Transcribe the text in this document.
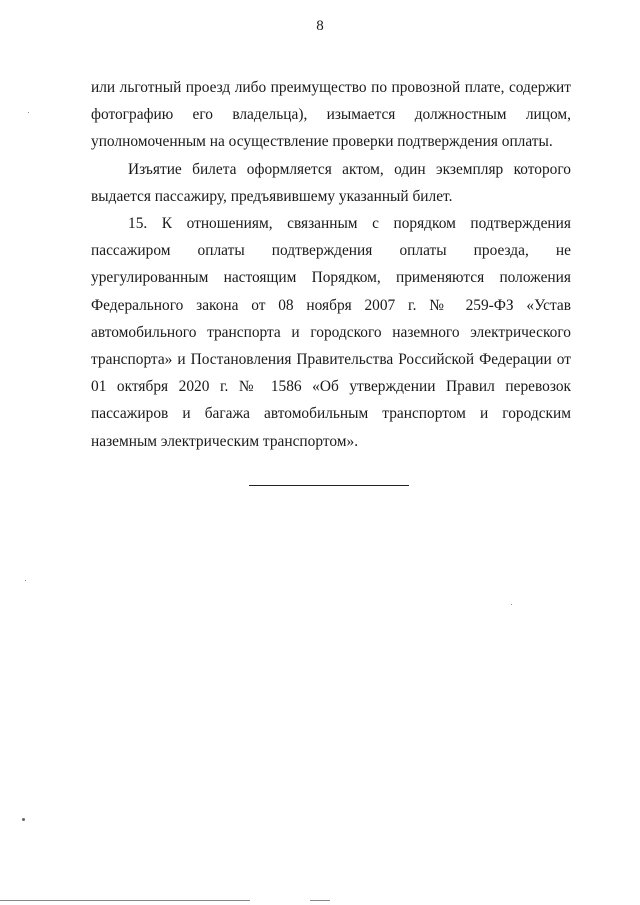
8

или льготный проезд либо преимущество по провозной плате, содержит фотографию его владельца), изымается должностным лицом, уполномоченным на осуществление проверки подтверждения оплаты.

Изъятие билета оформляется актом, один экземпляр которого выдается пассажиру, предъявившему указанный билет.

15. К отношениям, связанным с порядком подтверждения пассажиром оплаты подтверждения оплаты проезда, не урегулированным настоящим Порядком, применяются положения Федерального закона от 08 ноября 2007 г. № 259-ФЗ «Устав автомобильного транспорта и городского наземного электрического транспорта» и Постановления Правительства Российской Федерации от 01 октября 2020 г. № 1586 «Об утверждении Правил перевозок пассажиров и багажа автомобильным транспортом и городским наземным электрическим транспортом».
